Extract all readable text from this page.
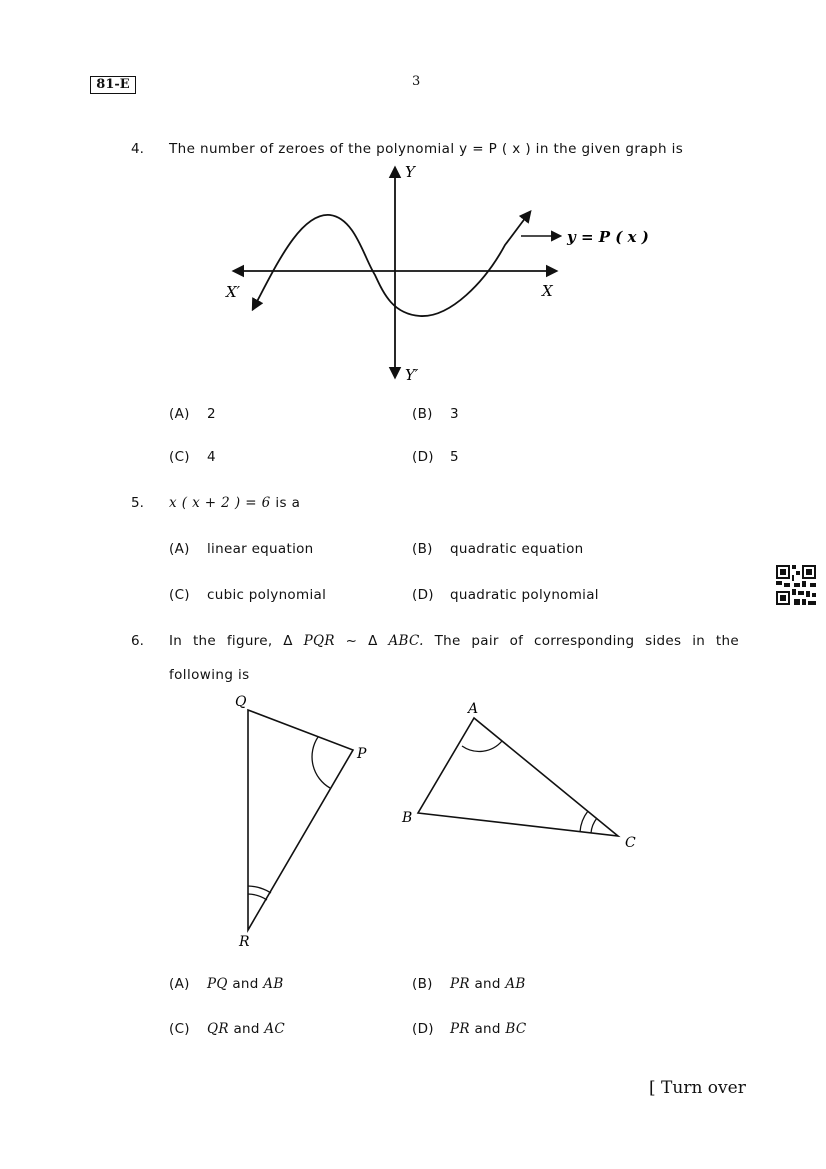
81-E	3
4. The number of zeroes of the polynomial y = P ( x ) in the given graph is
Y
Y′
X
X′
y = P ( x )
(A) 2	(B) 3
(C) 4	(D) 5
5. x ( x + 2 ) = 6 is a
(A) linear equation	(B) quadratic equation
(C) cubic polynomial	(D) quadratic polynomial
6. In the figure, Δ PQR ~ Δ ABC. The pair of corresponding sides in the
following is
Q
P
R
A
B
C
(A) PQ and AB	(B) PR and AB
(C) QR and AC	(D) PR and BC
[ Turn over
